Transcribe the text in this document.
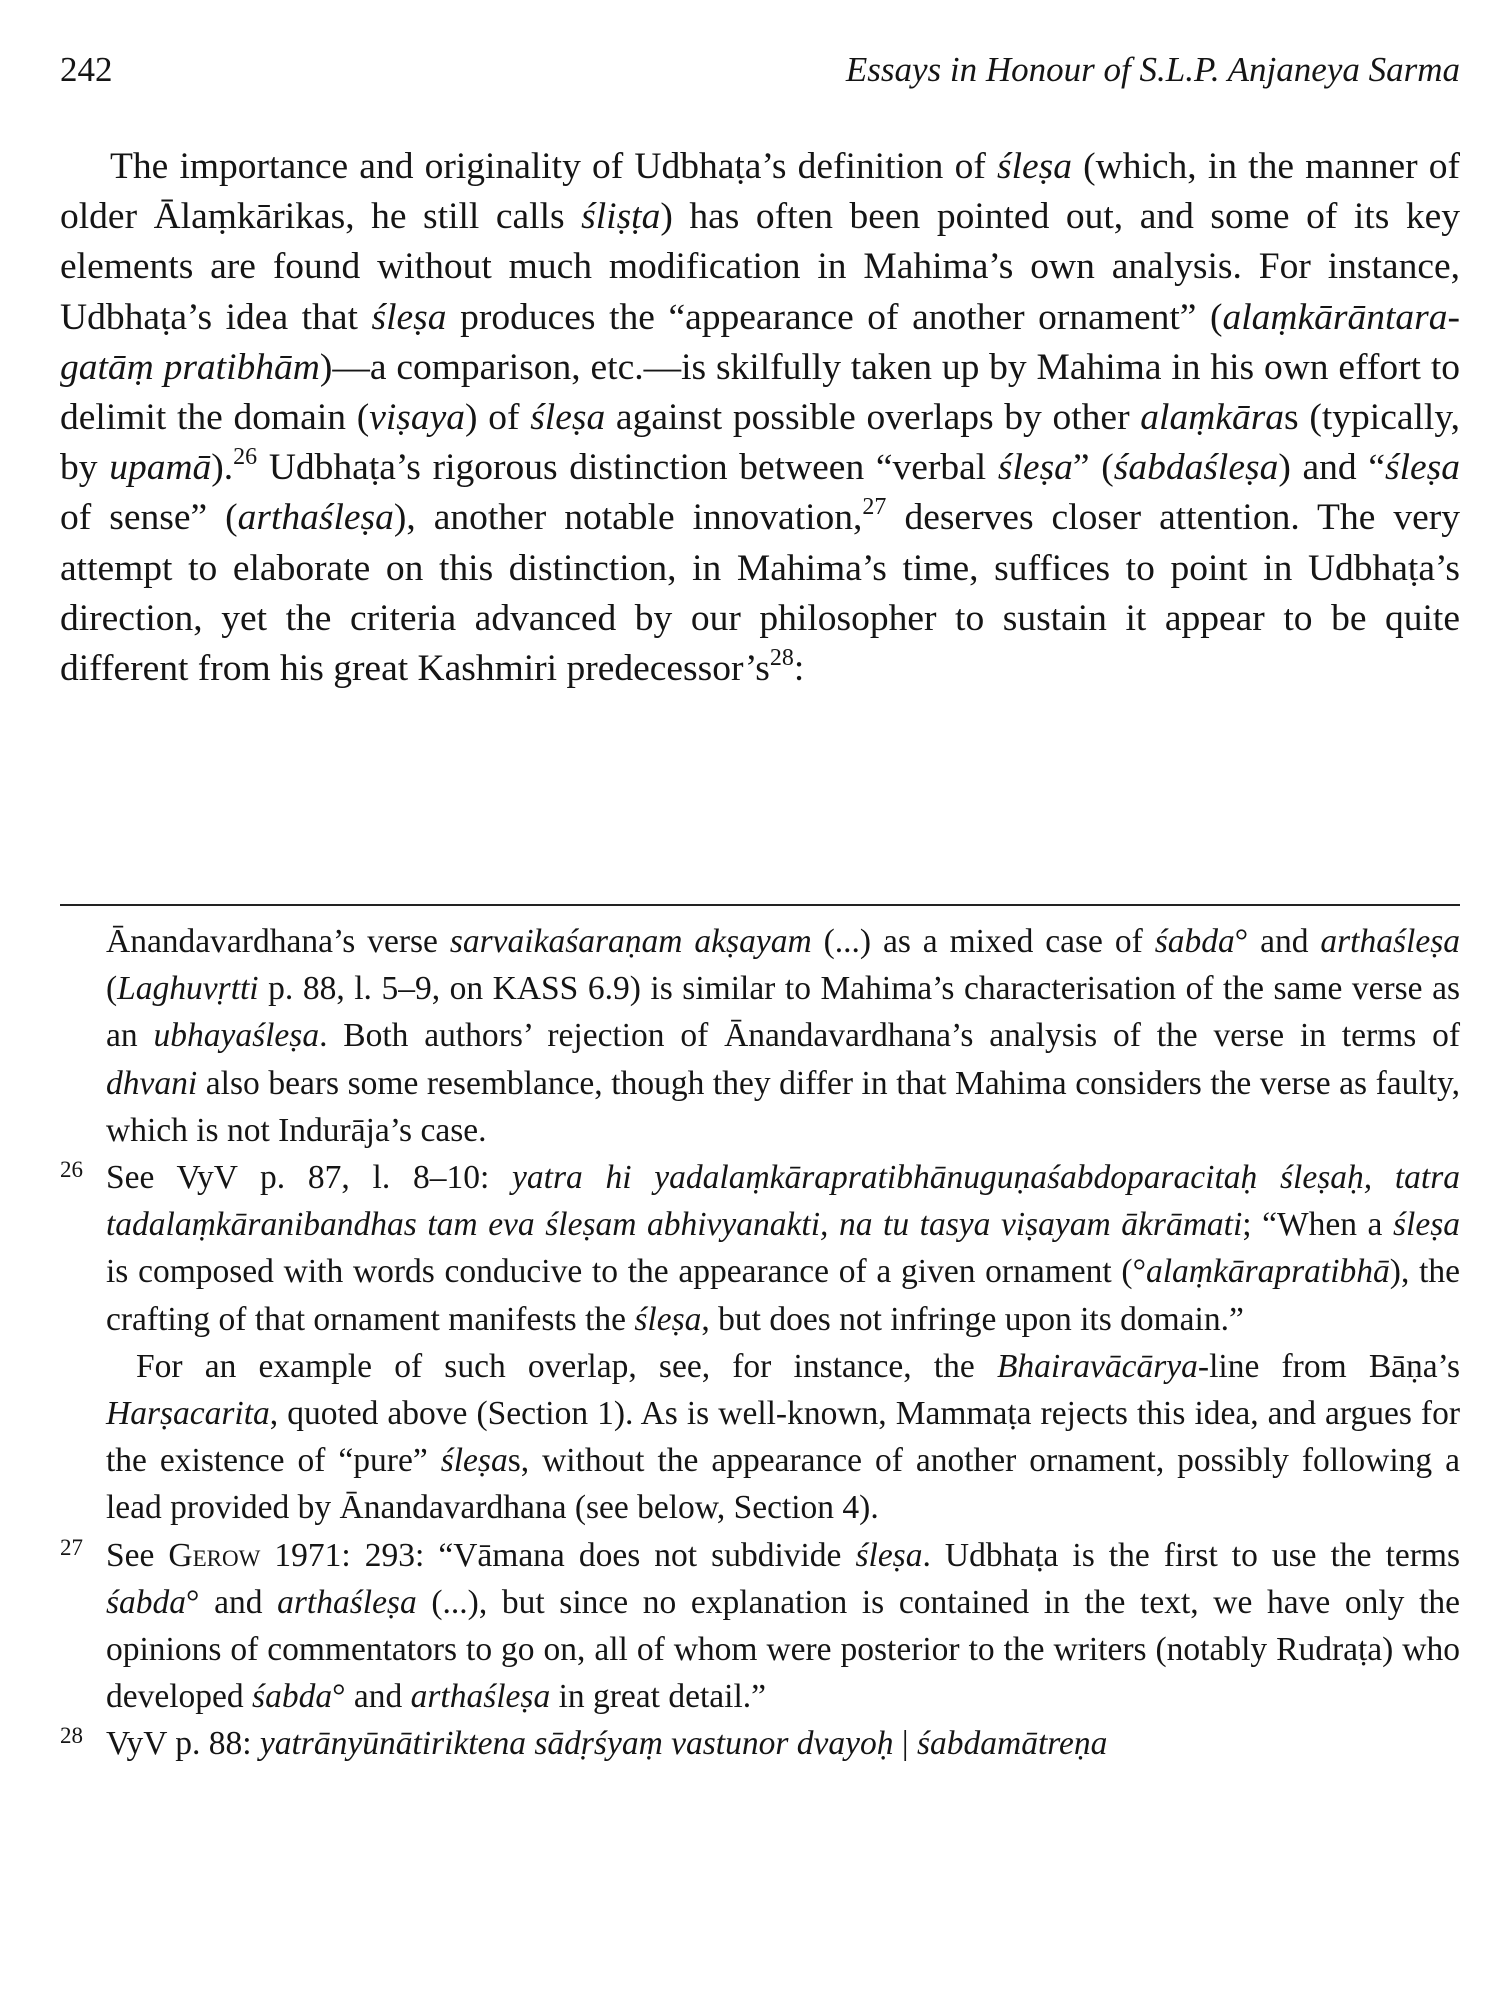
242	Essays in Honour of S.L.P. Anjaneya Sarma

The importance and originality of Udbhaṭa’s definition of śleṣa (which, in the manner of older Ālaṃkārikas, he still calls śliṣṭa) has often been pointed out, and some of its key elements are found without much modification in Mahima’s own analysis. For instance, Udbhaṭa’s idea that śleṣa produces the “appearance of another ornament” (alaṃkārāntara-gatāṃ pratibhām)—a comparison, etc.—is skilfully taken up by Mahima in his own effort to delimit the domain (viṣaya) of śleṣa against possible overlaps by other alaṃkāras (typically, by upamā).$^{26}$ Udbhaṭa’s rigorous distinction between “verbal śleṣa” (śabdaśleṣa) and “śleṣa of sense” (arthaśleṣa), another notable innovation,$^{27}$ deserves closer attention. The very attempt to elaborate on this distinction, in Mahima’s time, suffices to point in Udbhaṭa’s direction, yet the criteria advanced by our philosopher to sustain it appear to be quite different from his great Kashmiri $predecessor’s^{28}$:

Ānandavardhana’s verse sarvaikaśaraṇam akṣayam (...) as a mixed case of śabda° and arthaśleṣa (Laghuvṛtti p. 88, l. 5–9, on KASS 6.9) is similar to Mahima’s characterisation of the same verse as an ubhayaśleṣa. Both authors’ rejection of Ānandavardhana’s analysis of the verse in terms of dhvani also bears some resemblance, though they differ in that Mahima considers the verse as faulty, which is not Indurāja’s case.

26 See VyV p. 87, l. 8–10: yatra hi yadalaṃkārapratibhānuguṇaśabdoparacitaḥ śleṣaḥ, tatra tadalaṃkāranibandhas tam eva śleṣam abhivyanakti, na tu tasya viṣayam ākrāmati; “When a śleṣa is composed with words conducive to the appearance of a given ornament (°alaṃkārapratibhā), the crafting of that ornament manifests the śleṣa, but does not infringe upon its domain.”

For an example of such overlap, see, for instance, the Bhairavācārya-line from Bāṇa’s Harṣacarita, quoted above (Section 1). As is well-known, Mammaṭa rejects this idea, and argues for the existence of “pure” śleṣas, without the appearance of another ornament, possibly following a lead provided by Ānandavardhana (see below, Section 4).

27 See Gerow 1971: 293: “Vāmana does not subdivide śleṣa. Udbhaṭa is the first to use the terms śabda° and arthaśleṣa (...), but since no explanation is contained in the text, we have only the opinions of commentators to go on, all of whom were posterior to the writers (notably Rudraṭa) who developed śabda° and arthaśleṣa in great detail.”

28 VyV p. 88: yatrānyūnātiriktena sādṛśyaṃ vastunor dvayoḥ | śabdamātreṇa
